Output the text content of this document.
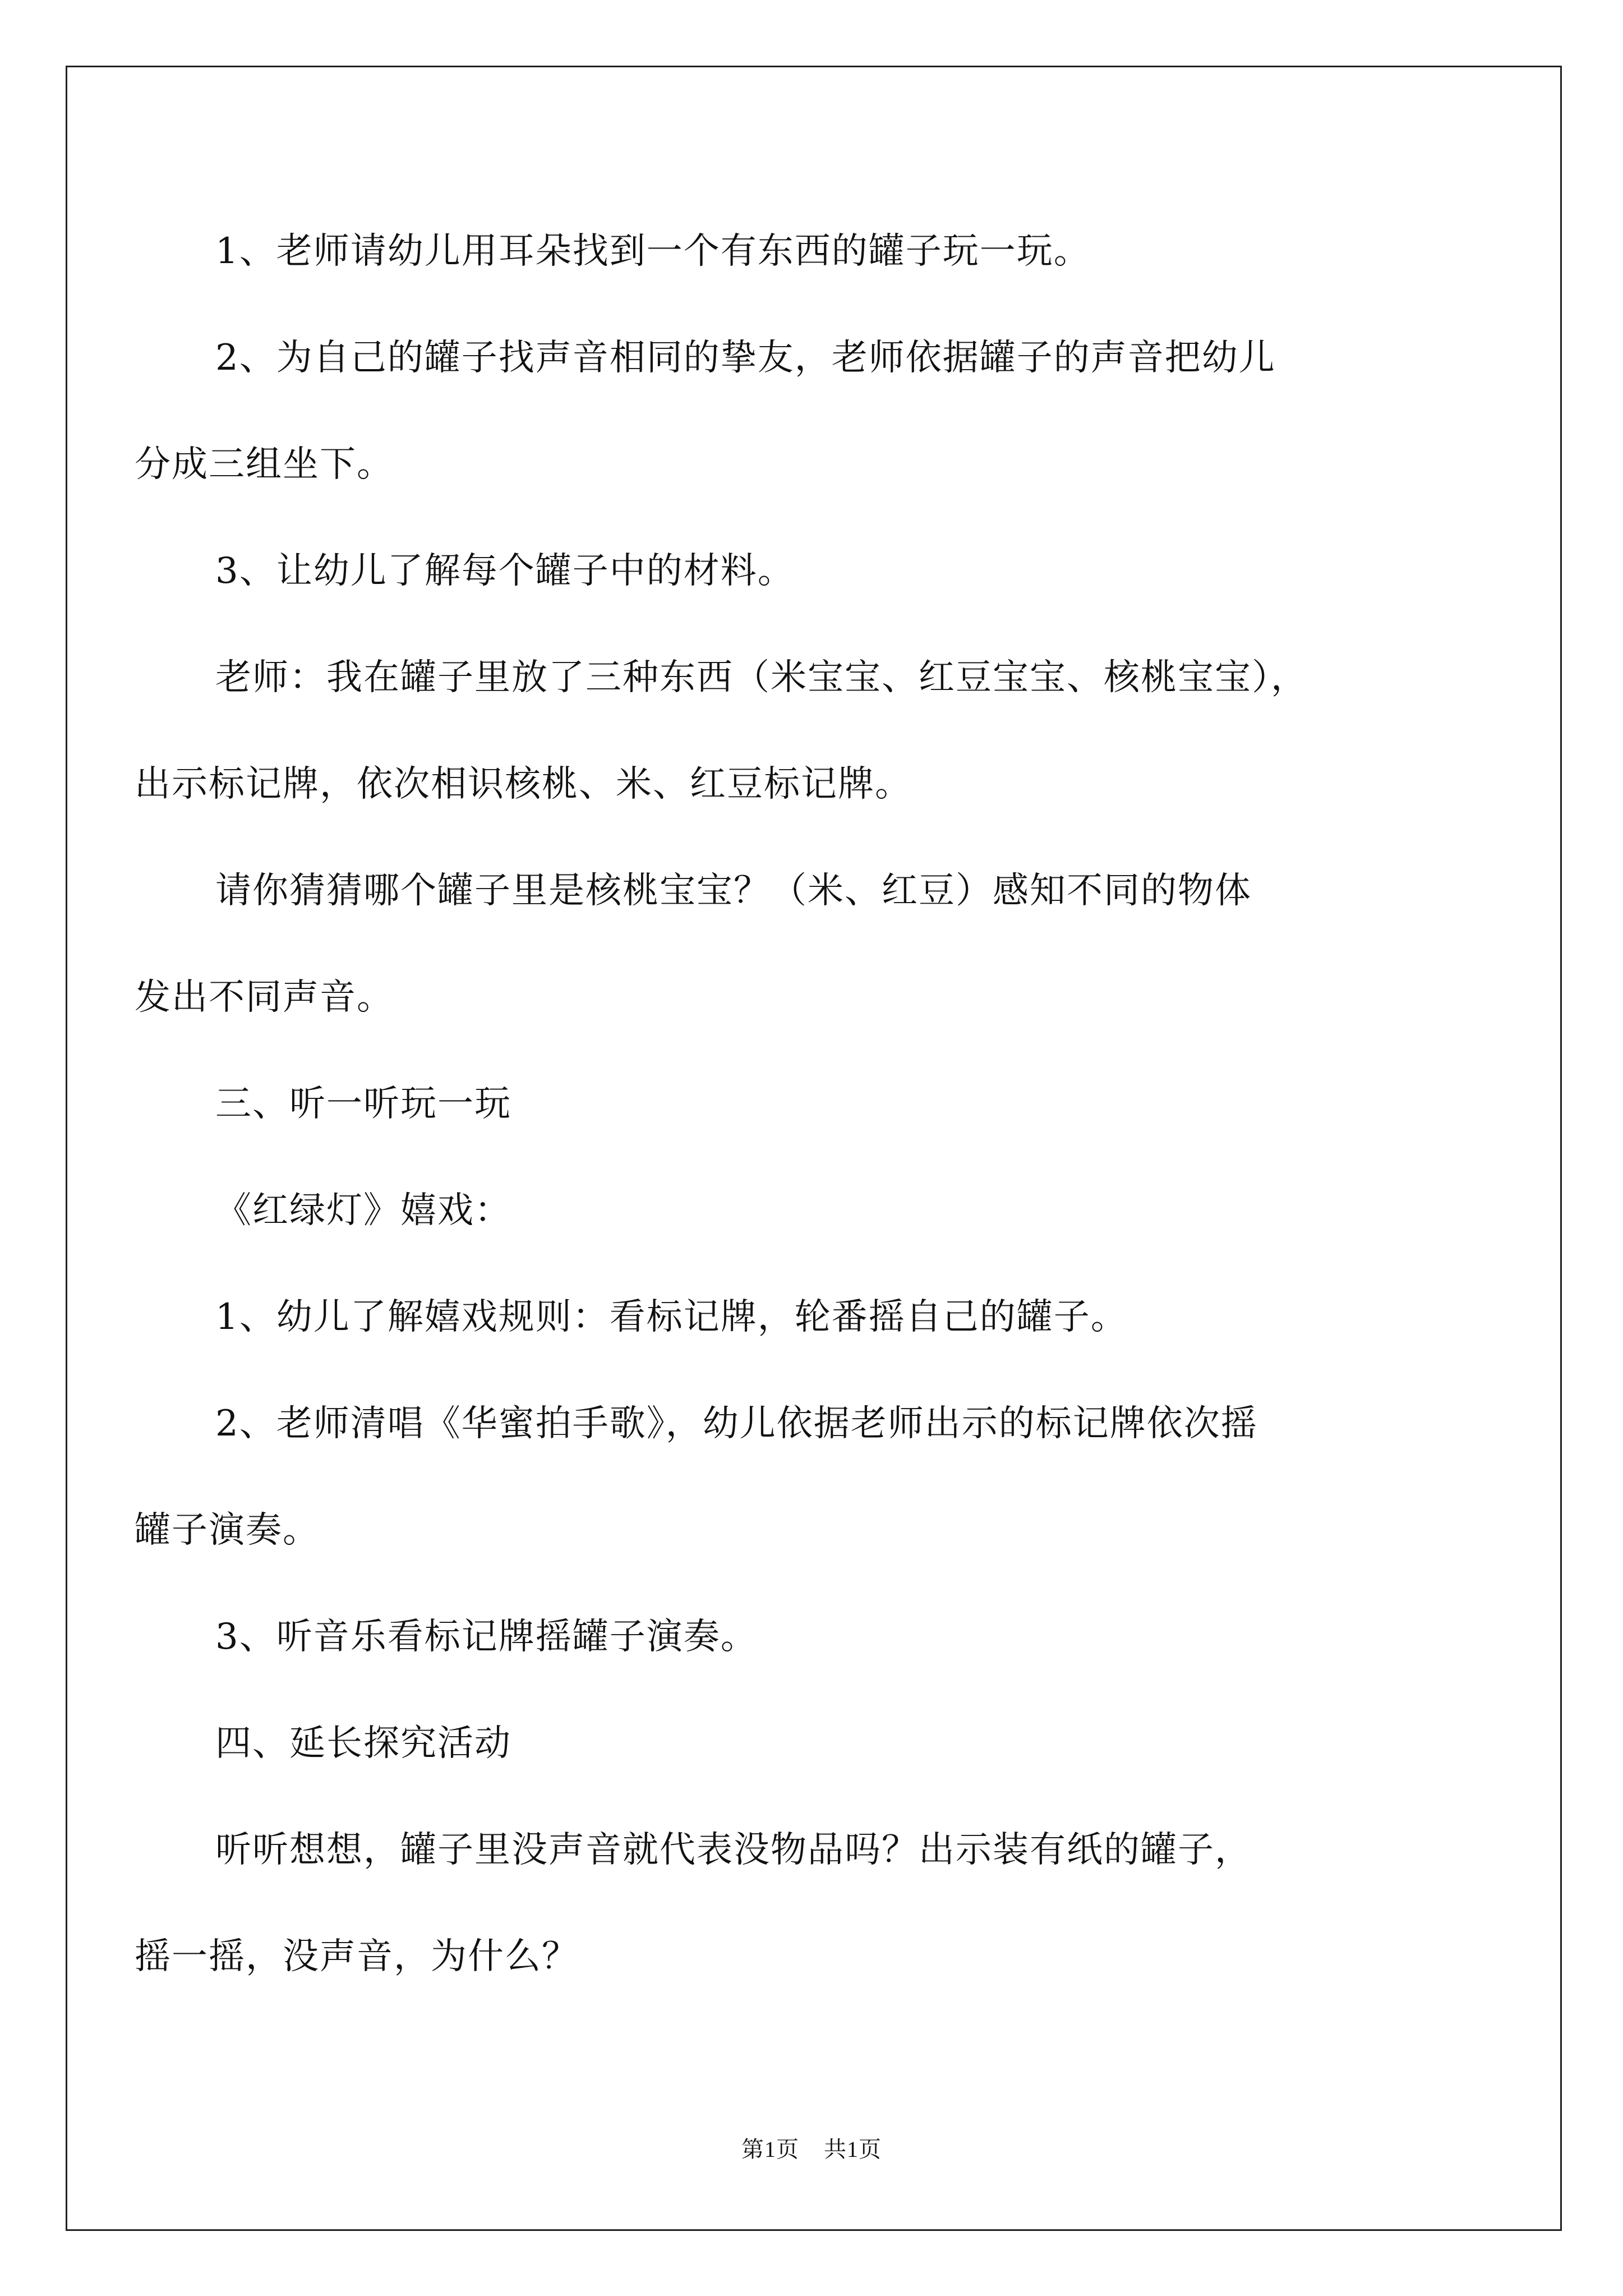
1、老师请幼儿用耳朵找到一个有东西的罐子玩一玩。
2、为自己的罐子找声音相同的挚友，老师依据罐子的声音把幼儿
分成三组坐下。
3、让幼儿了解每个罐子中的材料。
老师：我在罐子里放了三种东西（米宝宝、红豆宝宝、核桃宝宝），
出示标记牌，依次相识核桃、米、红豆标记牌。
请你猜猜哪个罐子里是核桃宝宝？（米、红豆）感知不同的物体
发出不同声音。
三、听一听玩一玩
《红绿灯》嬉戏：
1、幼儿了解嬉戏规则：看标记牌，轮番摇自己的罐子。
2、老师清唱《华蜜拍手歌》，幼儿依据老师出示的标记牌依次摇
罐子演奏。
3、听音乐看标记牌摇罐子演奏。
四、延长探究活动
听听想想，罐子里没声音就代表没物品吗？出示装有纸的罐子，
摇一摇，没声音，为什么？
第1页 共1页
